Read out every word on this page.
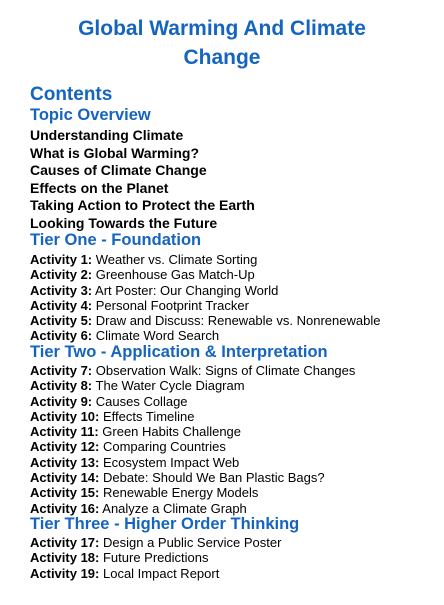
Global Warming And Climate
Change
Contents
Topic Overview

Understanding Climate

What is Global Warming?

Causes of Climate Change

Effects on the Planet

Taking Action to Protect the Earth

Looking Towards the Future

Tier One - Foundation

Activity 1: Weather vs. Climate Sorting

Activity 2: Greenhouse Gas Match-Up

Activity 3: Art Poster: Our Changing World

Activity 4: Personal Footprint Tracker

Activity 5: Draw and Discuss: Renewable vs. Nonrenewable

Activity 6: Climate Word Search

Tier Two - Application & Interpretation

Activity 7: Observation Walk: Signs of Climate Changes

Activity 8: The Water Cycle Diagram

Activity 9: Causes Collage

Activity 10: Effects Timeline

Activity 11: Green Habits Challenge

Activity 12: Comparing Countries

Activity 13: Ecosystem Impact Web

Activity 14: Debate: Should We Ban Plastic Bags?

Activity 15: Renewable Energy Models

Activity 16: Analyze a Climate Graph

Tier Three - Higher Order Thinking

Activity 17: Design a Public Service Poster

Activity 18: Future Predictions

Activity 19: Local Impact Report
